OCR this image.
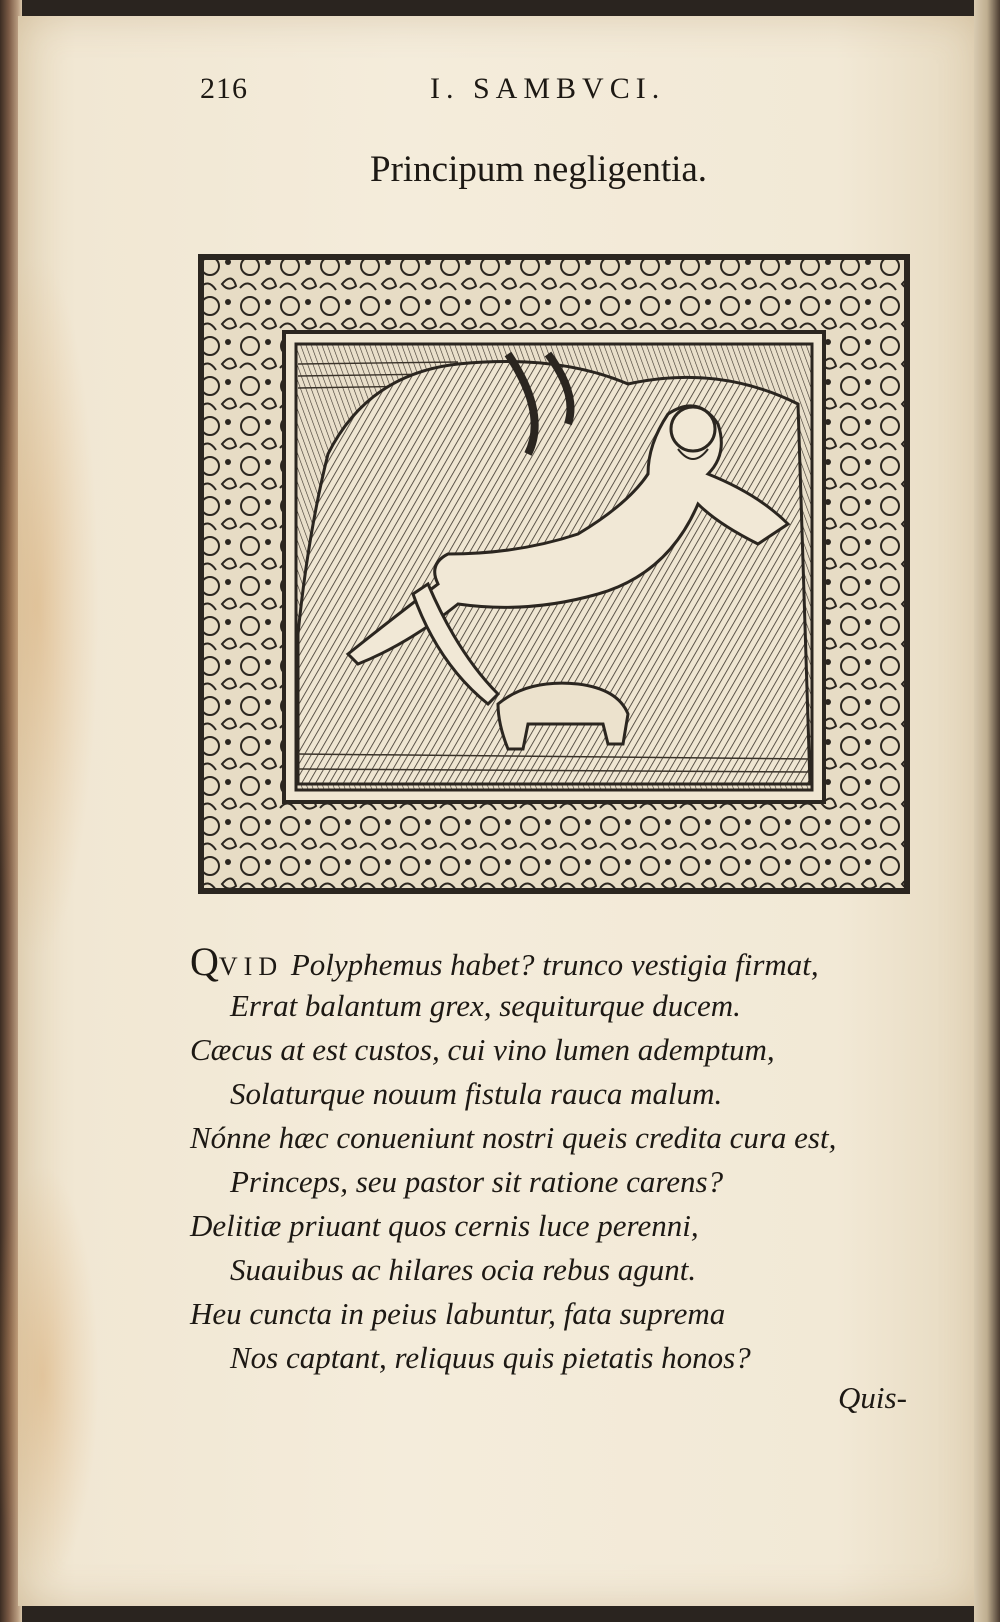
216	I. SAMBVCI.
Principum negligentia.
QVID Polyphemus habet? trunco vestigia firmat,
Errat balantum grex, sequiturque ducem.
Cæcus at est custos, cui vino lumen ademptum,
Solaturque nouum fistula rauca malum.
Nónne hæc conueniunt nostri queis credita cura est,
Princeps, seu pastor sit ratione carens?
Delitiæ priuant quos cernis luce perenni,
Suauibus ac hilares ocia rebus agunt.
Heu cuncta in peius labuntur, fata suprema
Nos captant, reliquus quis pietatis honos?
Quis-
